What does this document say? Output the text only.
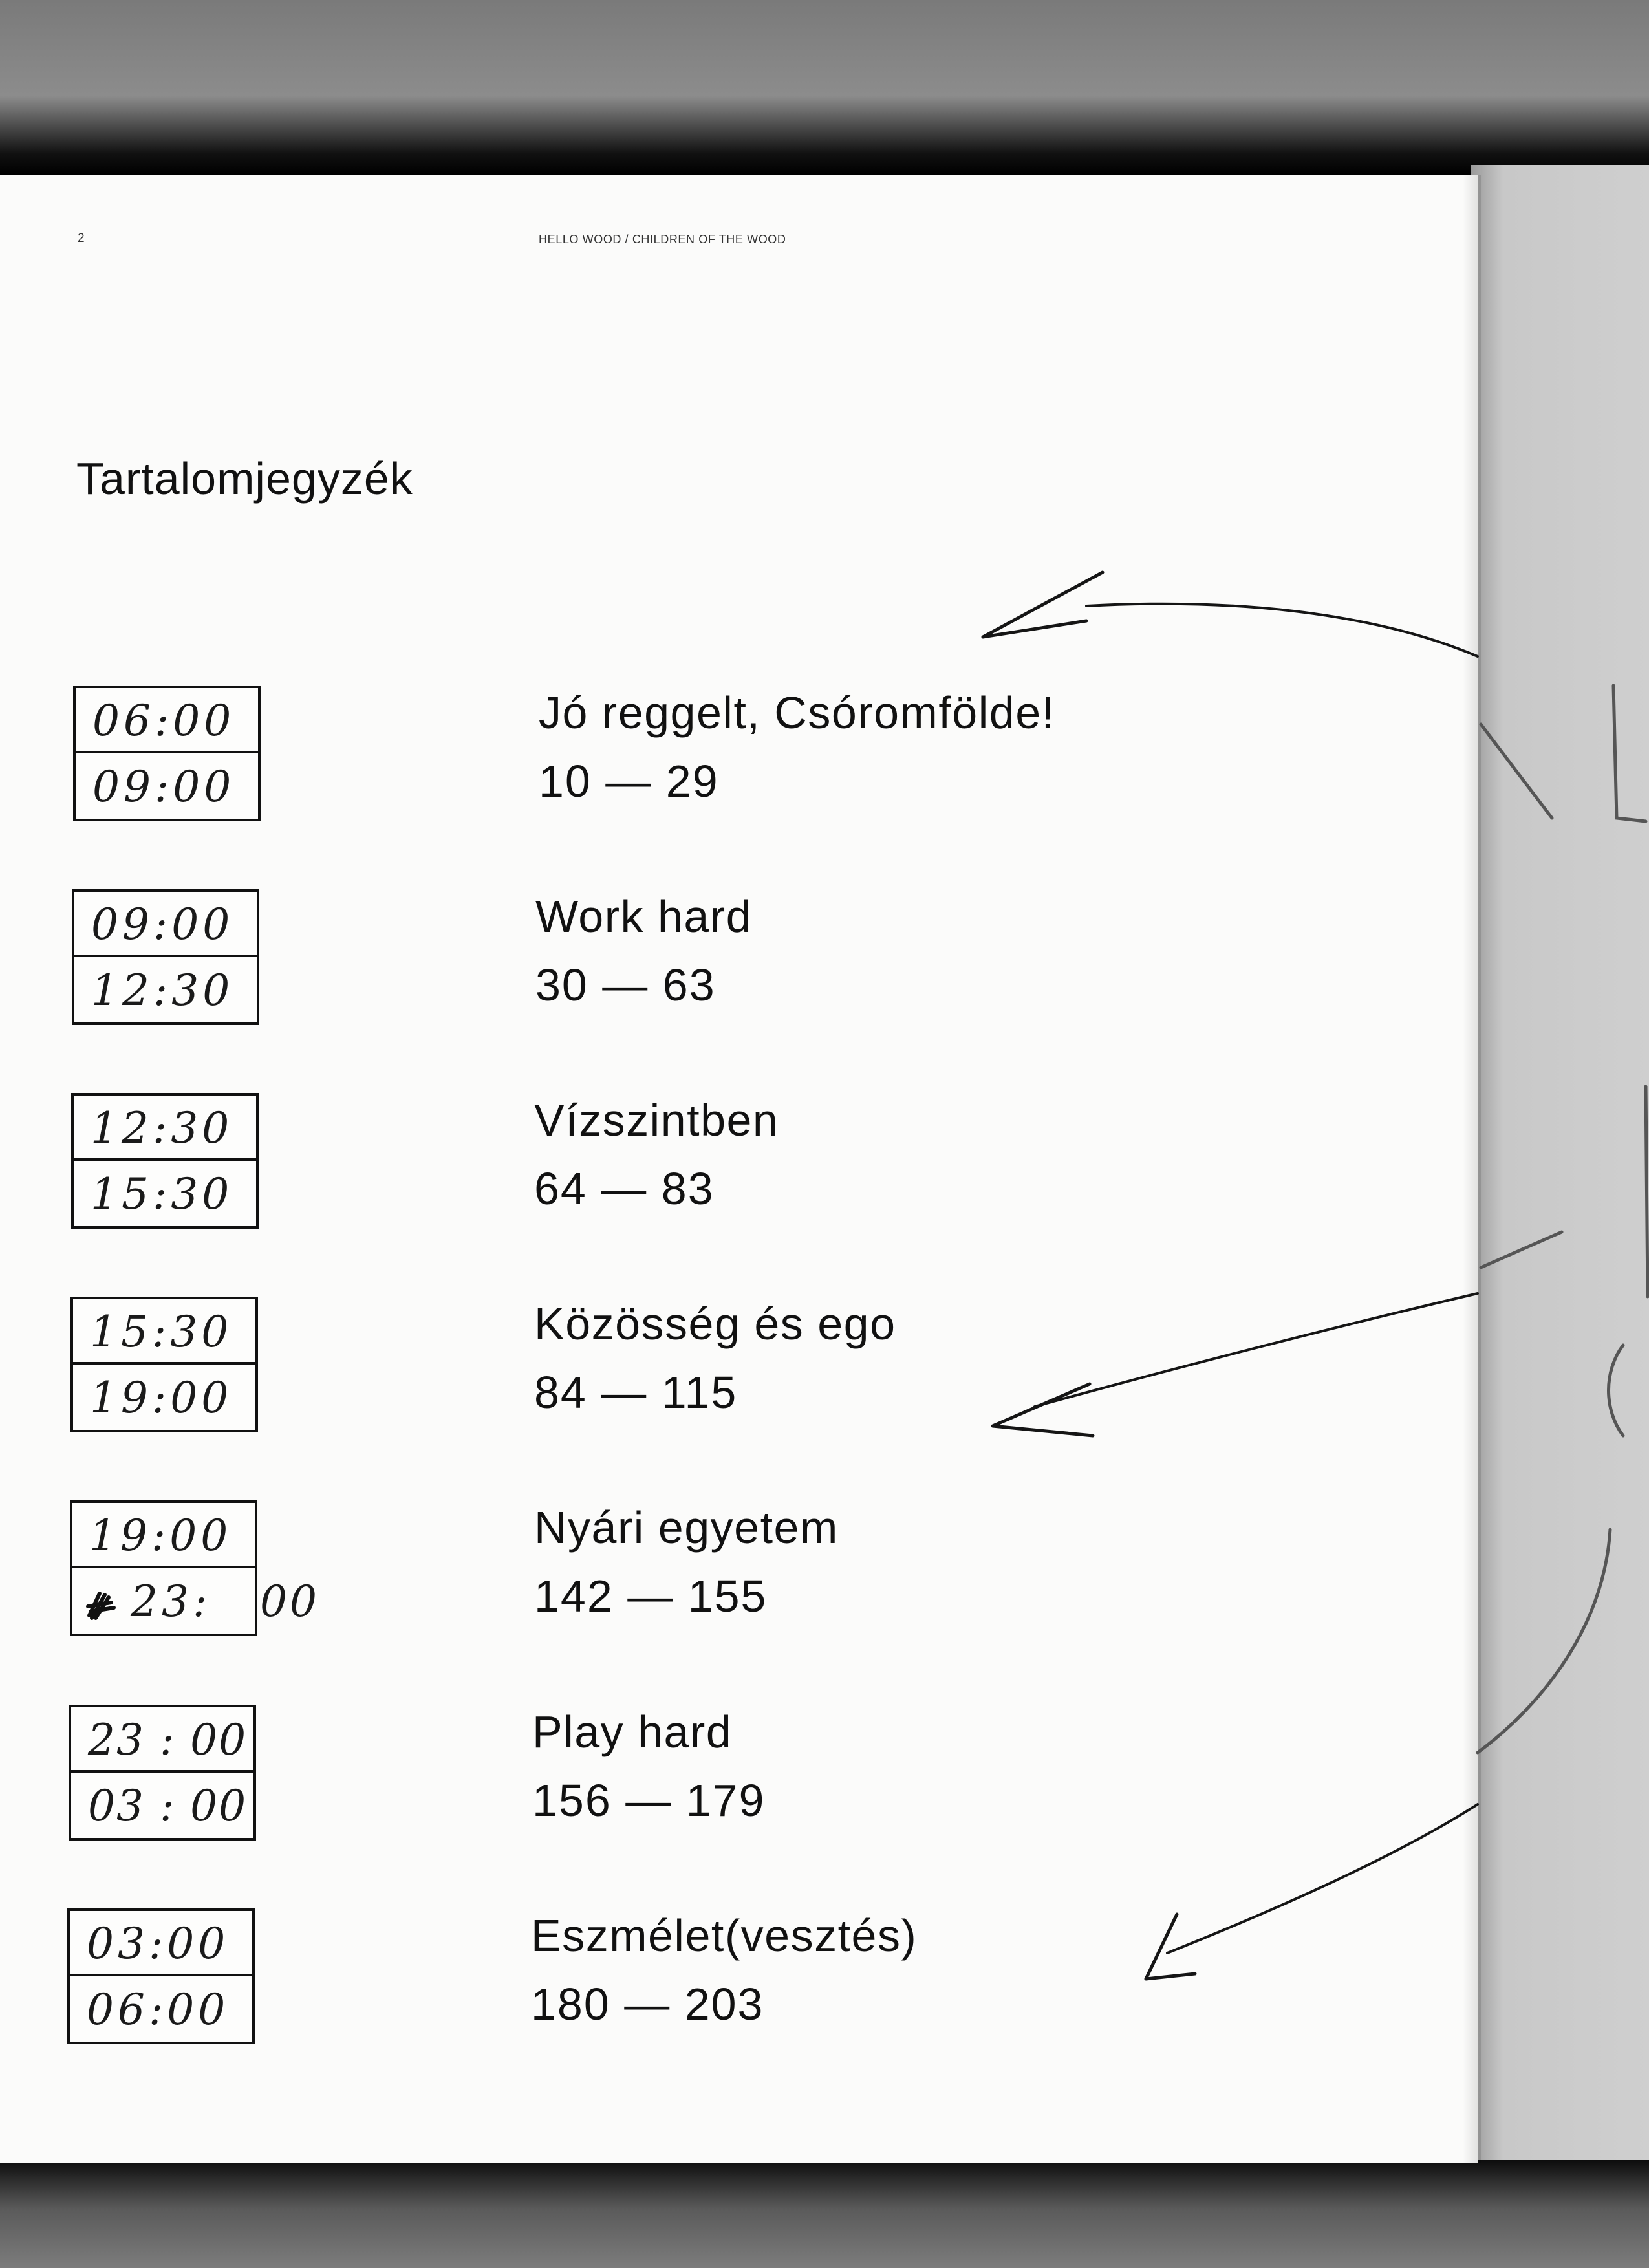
2	HELLO WOOD / CHILDREN OF THE WOOD
Tartalomjegyzék
06:00
09:00
Jó reggelt, Csóromfölde!
10 — 29
09:00
12:30
Work hard
30 — 63
12:30
15:30
Vízszintben
64 — 83
15:30
19:00
Közösség és ego
84 — 115
19:00
23:	00
Nyári egyetem
142 — 155
23 : 00
03 : 00
Play hard
156 — 179
03:00
06:00
Eszmélet(vesztés)
180 — 203
